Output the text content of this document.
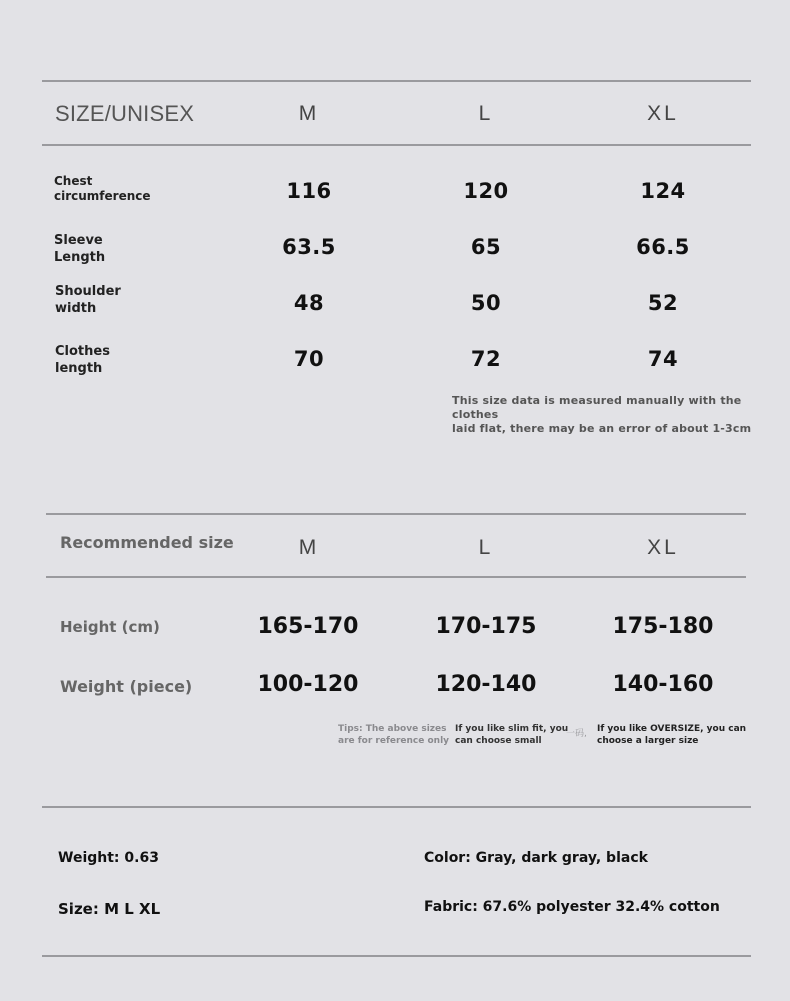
SIZE/UNISEX	M	L	XL
Chest
circumference	116	120	124
Sleeve
Length	63.5	65	66.5
Shoulder
width	48	50	52
Clothes
length	70	72	74
This size data is measured manually with the clothes
laid flat, there may be an error of about 1-3cm
Recommended size	M	L	XL
Height (cm)	165-170	170-175	175-180
Weight (piece)	100-120	120-140	140-160
Tips: The above sizes
are for reference only
If you like slim fit, you
can choose small
一码, If you like OVERSIZE, you can
choose a larger size
Weight: 0.63	Color: Gray, dark gray, black
Size: M L XL	Fabric: 67.6% polyester 32.4% cotton
